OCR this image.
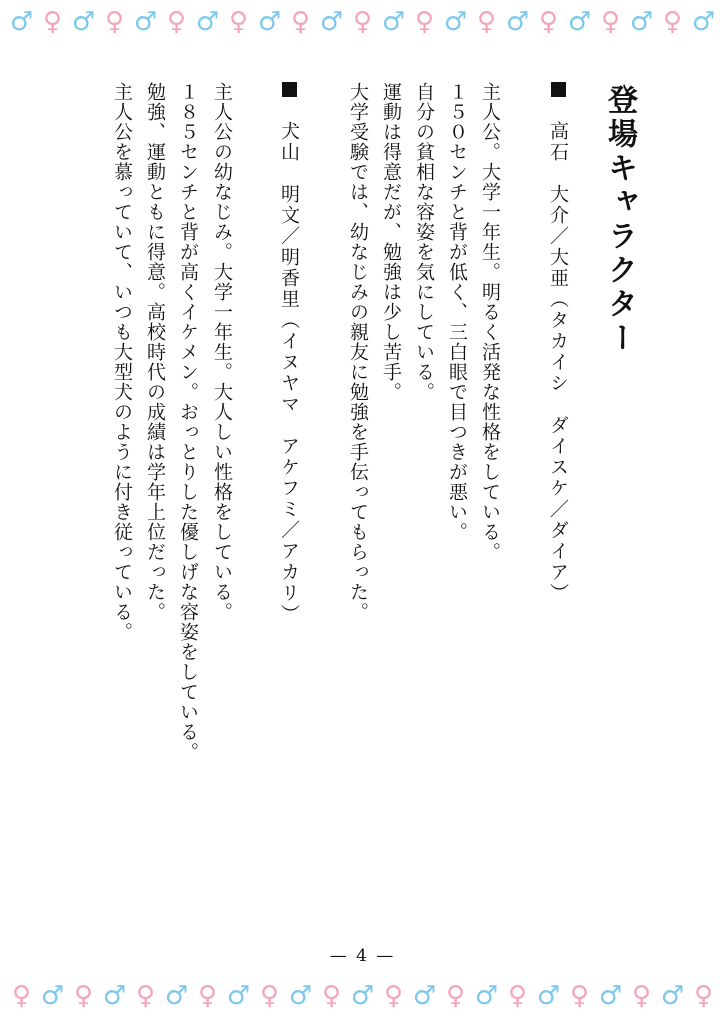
♂ ♀ ♂ ♀ ♂ ♀ ♂ ♀ ♂ ♀ ♂ ♀ ♂ ♀ ♂ ♀ ♂ ♀ ♂ ♀ ♂ ♀ ♂
♀ ♂ ♀ ♂ ♀ ♂ ♀ ♂ ♀ ♂ ♀ ♂ ♀ ♂ ♀ ♂ ♀ ♂ ♀ ♂ ♀ ♂ ♀
登場キャラクター
高石　大介／大亜（タカイシ　ダイスケ／ダイア）
主人公。大学一年生。明るく活発な性格をしている。
１５０センチと背が低く、三白眼で目つきが悪い。
自分の貧相な容姿を気にしている。
運動は得意だが、勉強は少し苦手。
大学受験では、幼なじみの親友に勉強を手伝ってもらった。
犬山　明文／明香里（イヌヤマ　アケフミ／アカリ）
主人公の幼なじみ。大学一年生。大人しい性格をしている。
１８５センチと背が高くイケメン。おっとりした優しげな容姿をしている。
勉強、運動ともに得意。高校時代の成績は学年上位だった。
主人公を慕っていて、いつも大型犬のように付き従っている。
— 4 —
